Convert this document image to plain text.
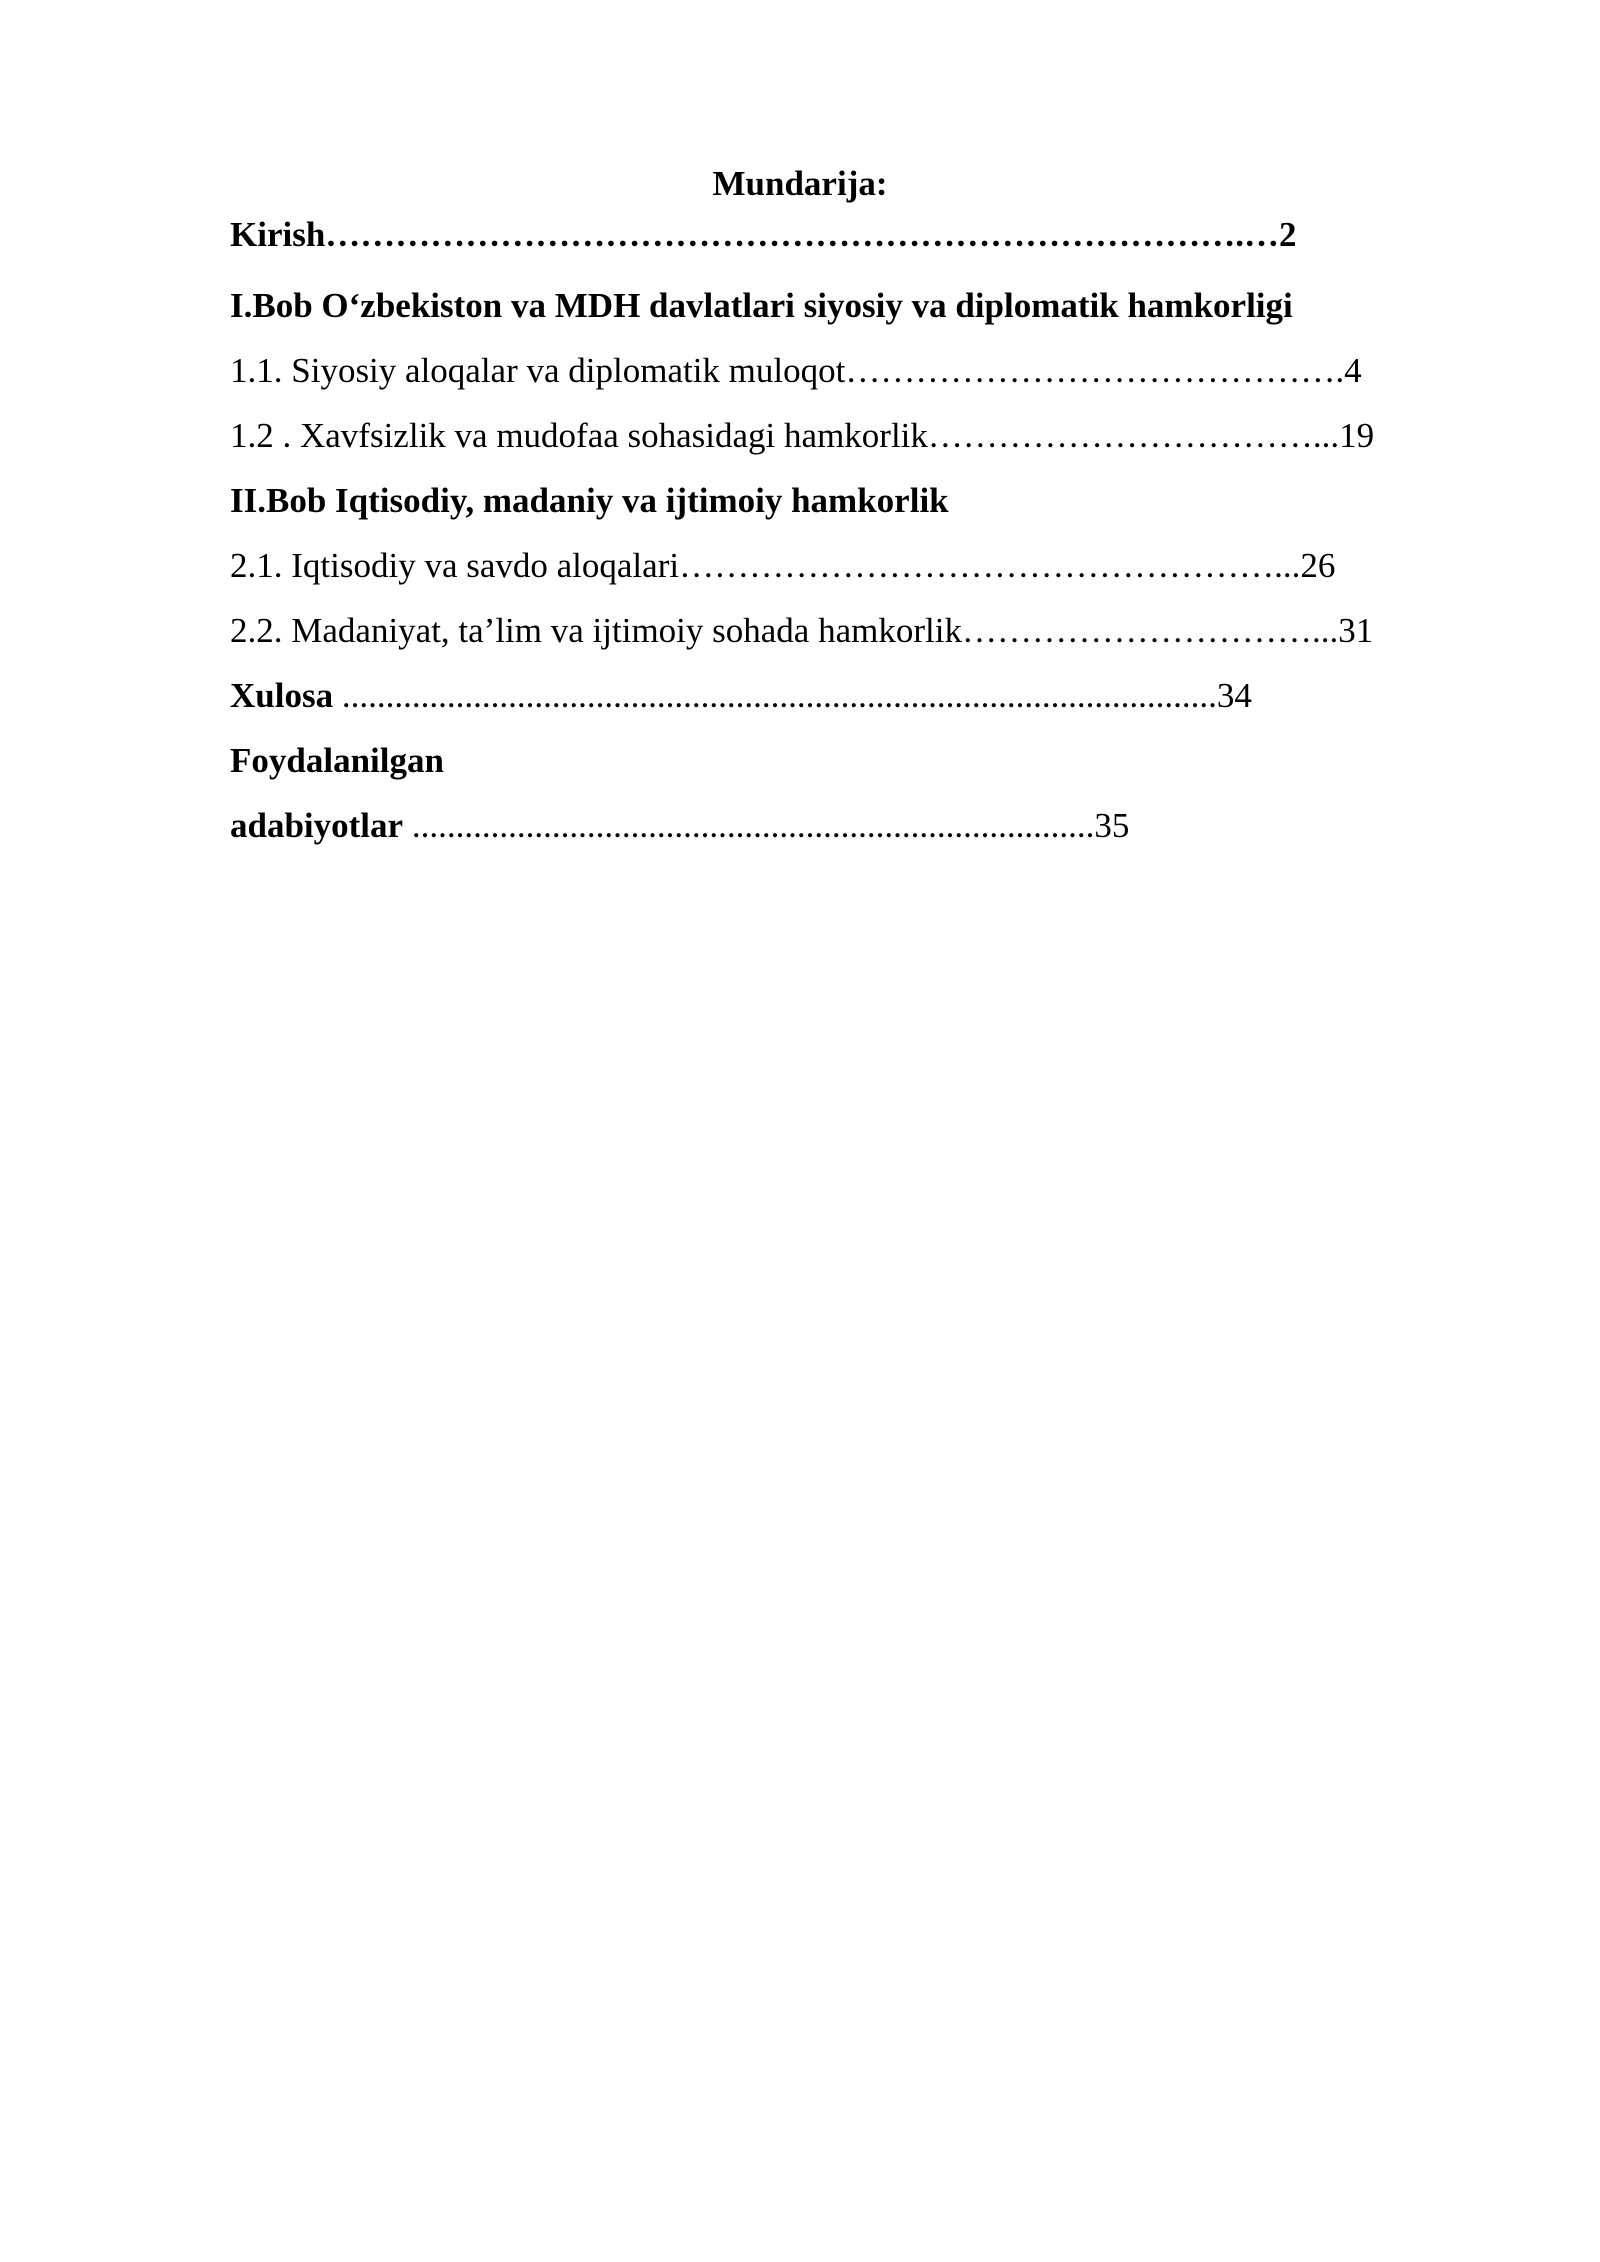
Mundarija:
Kirish…………………………………………………………………….…2
I.Bob O‘zbekiston va MDH davlatlari siyosiy va diplomatik hamkorligi
1.1. Siyosiy aloqalar va diplomatik muloqot…………………………………….4
1.2 . Xavfsizlik va mudofaa sohasidagi hamkorlik……………………………...19
II.Bob Iqtisodiy, madaniy va ijtimoiy hamkorlik
2.1. Iqtisodiy va savdo aloqalari……………………………………………...26
2.2. Madaniyat, ta’lim va ijtimoiy sohada hamkorlik…………………………...31
Xulosa ....................................................................................................34
Foydalanilgan
adabiyotlar ..............................................................................35
